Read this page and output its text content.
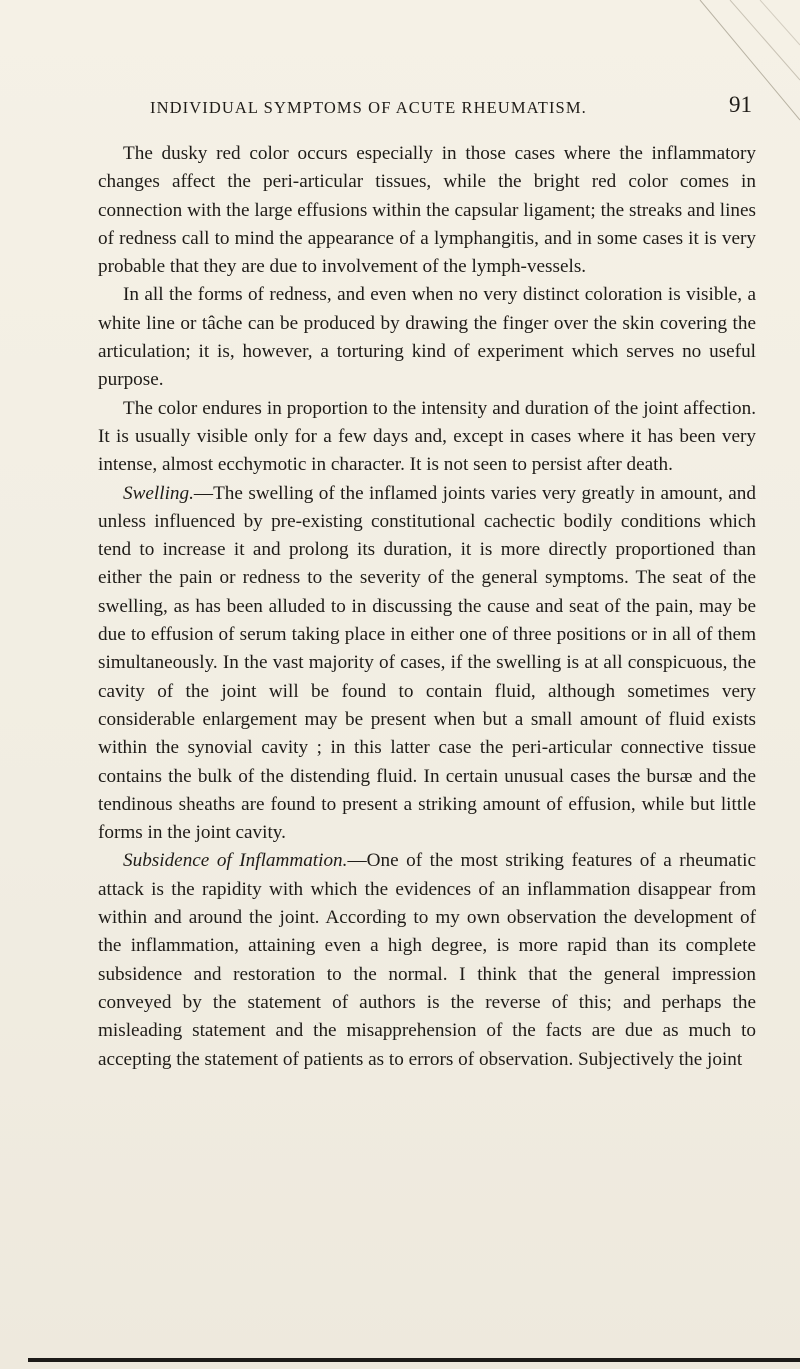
INDIVIDUAL SYMPTOMS OF ACUTE RHEUMATISM.	91

The dusky red color occurs especially in those cases where the inflammatory changes affect the peri-articular tissues, while the bright red color comes in connection with the large effusions within the capsular ligament; the streaks and lines of redness call to mind the appearance of a lymphangitis, and in some cases it is very probable that they are due to involvement of the lymph-vessels.

In all the forms of redness, and even when no very distinct coloration is visible, a white line or tâche can be produced by drawing the finger over the skin covering the articulation; it is, however, a torturing kind of experiment which serves no useful purpose.

The color endures in proportion to the intensity and duration of the joint affection. It is usually visible only for a few days and, except in cases where it has been very intense, almost ecchymotic in character. It is not seen to persist after death.

Swelling.—The swelling of the inflamed joints varies very greatly in amount, and unless influenced by pre-existing constitutional cachectic bodily conditions which tend to increase it and prolong its duration, it is more directly proportioned than either the pain or redness to the severity of the general symptoms. The seat of the swelling, as has been alluded to in discussing the cause and seat of the pain, may be due to effusion of serum taking place in either one of three positions or in all of them simultaneously. In the vast majority of cases, if the swelling is at all conspicuous, the cavity of the joint will be found to contain fluid, although sometimes very considerable enlargement may be present when but a small amount of fluid exists within the synovial cavity ; in this latter case the peri-articular connective tissue contains the bulk of the distending fluid. In certain unusual cases the bursæ and the tendinous sheaths are found to present a striking amount of effusion, while but little forms in the joint cavity.

Subsidence of Inflammation.—One of the most striking features of a rheumatic attack is the rapidity with which the evidences of an inflammation disappear from within and around the joint. According to my own observation the development of the inflammation, attaining even a high degree, is more rapid than its complete subsidence and restoration to the normal. I think that the general impression conveyed by the statement of authors is the reverse of this; and perhaps the misleading statement and the misapprehension of the facts are due as much to accepting the statement of patients as to errors of observation. Subjectively the joint
